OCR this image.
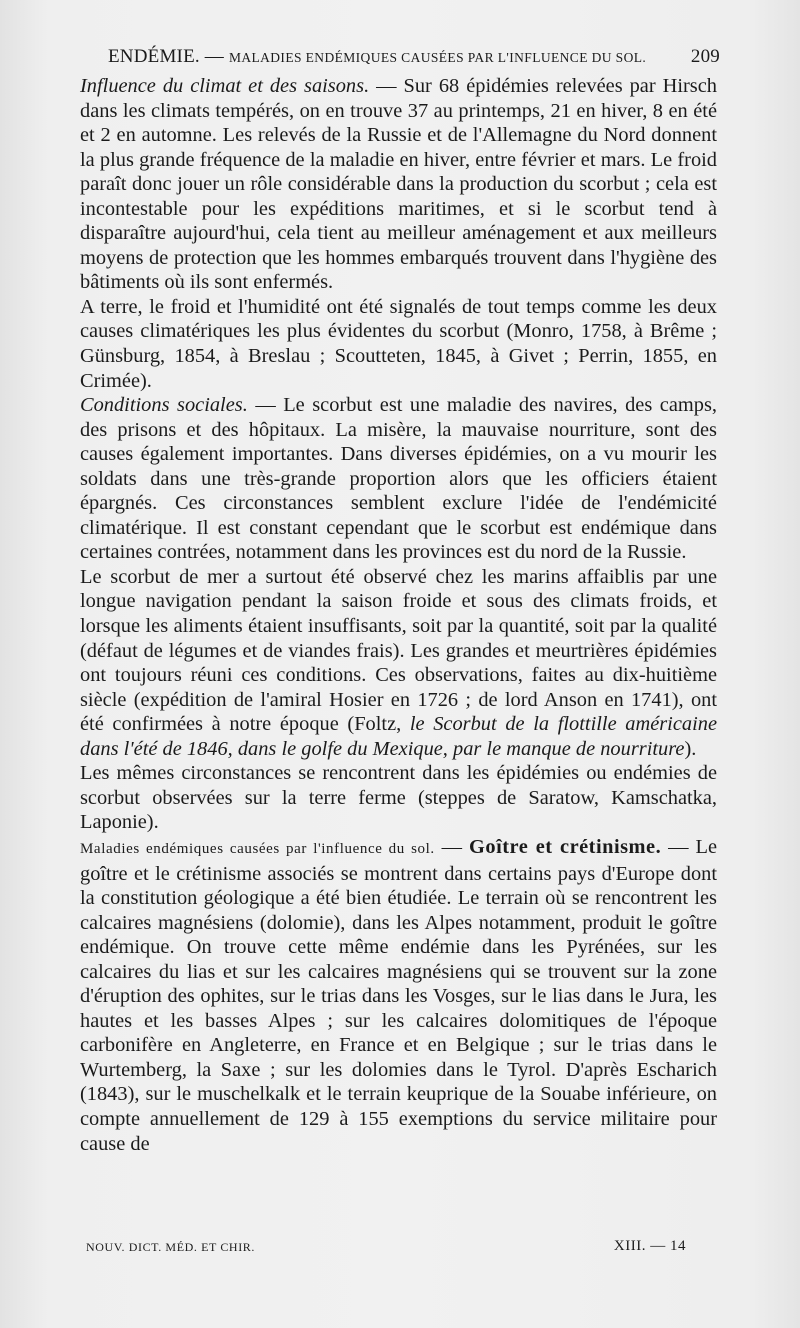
ENDÉMIE. — MALADIES ENDÉMIQUES CAUSÉES PAR L'INFLUENCE DU SOL. 209

Influence du climat et des saisons. — Sur 68 épidémies relevées par Hirsch dans les climats tempérés, on en trouve 37 au printemps, 21 en hiver, 8 en été et 2 en automne. Les relevés de la Russie et de l'Allemagne du Nord donnent la plus grande fréquence de la maladie en hiver, entre février et mars. Le froid paraît donc jouer un rôle considérable dans la production du scorbut ; cela est incontestable pour les expéditions maritimes, et si le scorbut tend à disparaître aujourd'hui, cela tient au meilleur aménagement et aux meilleurs moyens de protection que les hommes embarqués trouvent dans l'hygiène des bâtiments où ils sont enfermés.

A terre, le froid et l'humidité ont été signalés de tout temps comme les deux causes climatériques les plus évidentes du scorbut (Monro, 1758, à Brême ; Günsburg, 1854, à Breslau ; Scoutteten, 1845, à Givet ; Perrin, 1855, en Crimée).

Conditions sociales. — Le scorbut est une maladie des navires, des camps, des prisons et des hôpitaux. La misère, la mauvaise nourriture, sont des causes également importantes. Dans diverses épidémies, on a vu mourir les soldats dans une très-grande proportion alors que les officiers étaient épargnés. Ces circonstances semblent exclure l'idée de l'endémicité climatérique. Il est constant cependant que le scorbut est endémique dans certaines contrées, notamment dans les provinces est du nord de la Russie.

Le scorbut de mer a surtout été observé chez les marins affaiblis par une longue navigation pendant la saison froide et sous des climats froids, et lorsque les aliments étaient insuffisants, soit par la quantité, soit par la qualité (défaut de légumes et de viandes frais). Les grandes et meurtrières épidémies ont toujours réuni ces conditions. Ces observations, faites au dix-huitième siècle (expédition de l'amiral Hosier en 1726 ; de lord Anson en 1741), ont été confirmées à notre époque (Foltz, le Scorbut de la flottille américaine dans l'été de 1846, dans le golfe du Mexique, par le manque de nourriture).

Les mêmes circonstances se rencontrent dans les épidémies ou endémies de scorbut observées sur la terre ferme (steppes de Saratow, Kamschatka, Laponie).

Maladies endémiques causées par l'influence du sol. — Goître et crétinisme. — Le goître et le crétinisme associés se montrent dans certains pays d'Europe dont la constitution géologique a été bien étudiée. Le terrain où se rencontrent les calcaires magnésiens (dolomie), dans les Alpes notamment, produit le goître endémique. On trouve cette même endémie dans les Pyrénées, sur les calcaires du lias et sur les calcaires magnésiens qui se trouvent sur la zone d'éruption des ophites, sur le trias dans les Vosges, sur le lias dans le Jura, les hautes et les basses Alpes ; sur les calcaires dolomitiques de l'époque carbonifère en Angleterre, en France et en Belgique ; sur le trias dans le Wurtemberg, la Saxe ; sur les dolomies dans le Tyrol. D'après Escharich (1843), sur le muschelkalk et le terrain keuprique de la Souabe inférieure, on compte annuellement de 129 à 155 exemptions du service militaire pour cause de

NOUV. DICT. MÉD. ET CHIR.	XIII. — 14
